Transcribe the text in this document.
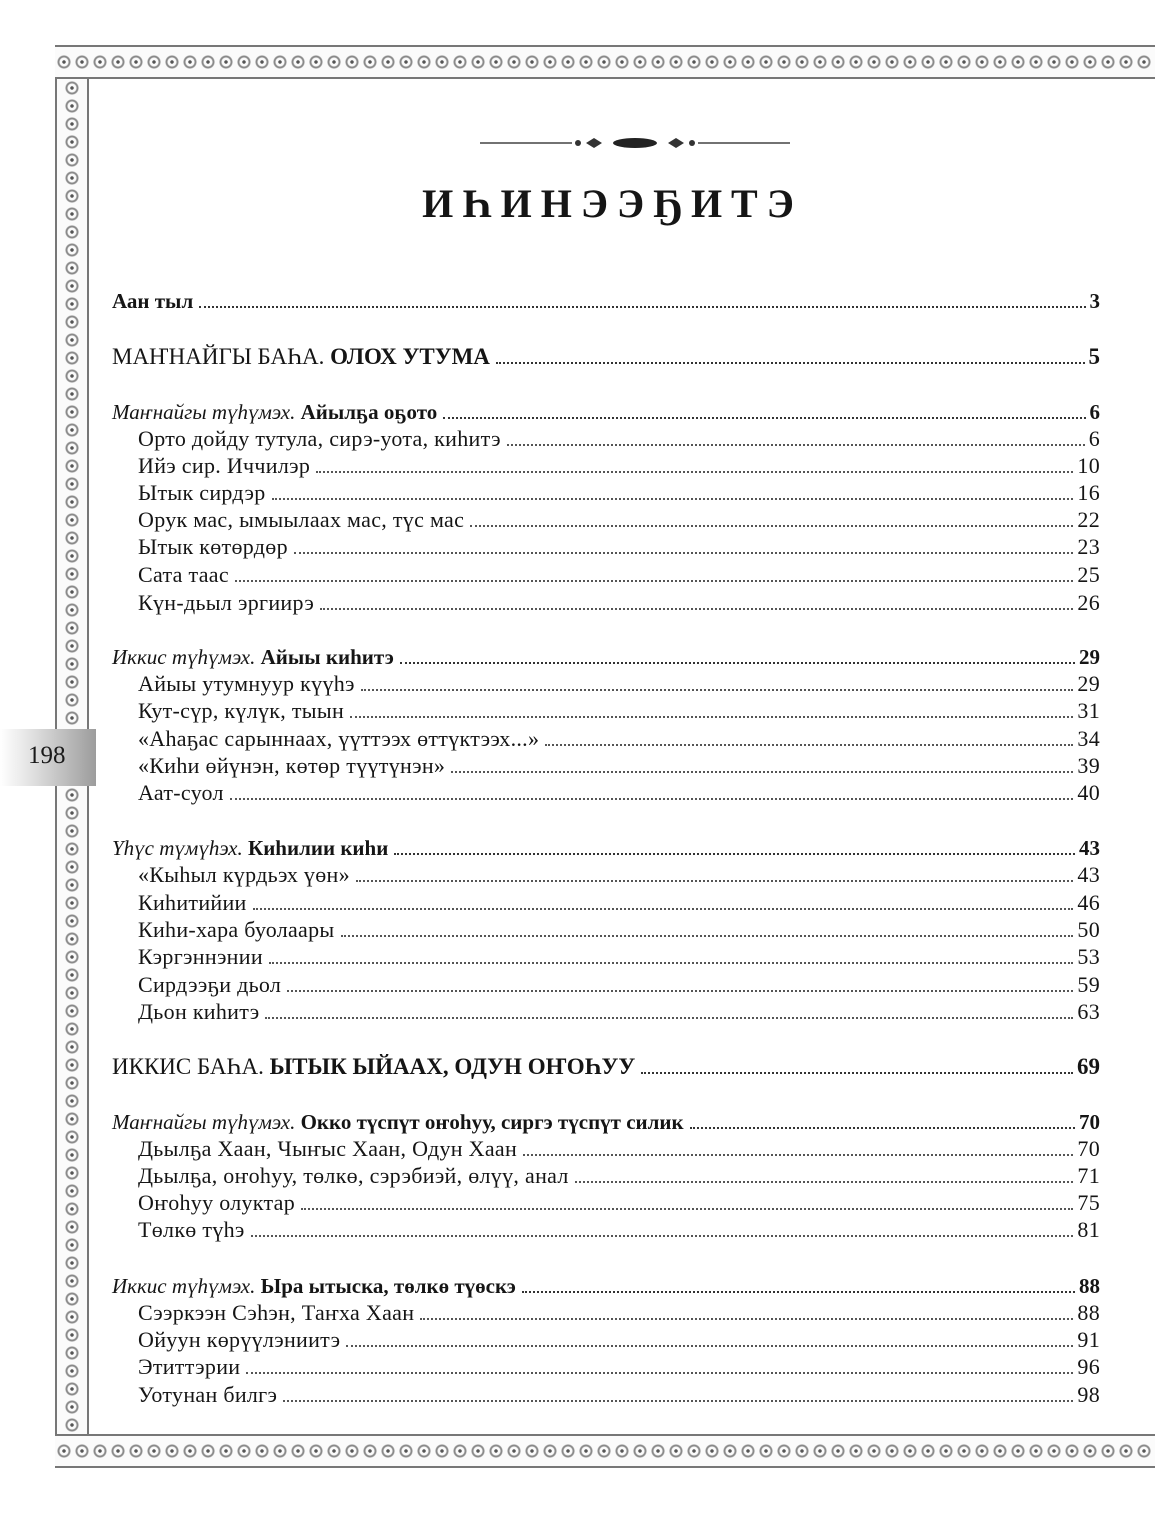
198
ИҺИНЭЭҔИТЭ
Аан тыл	3
МАҤНАЙГЫ БАҺА. ОЛОХ УТУМА	5
Маҥнайгы түһүмэх. Айылҕа оҕото	6
Орто дойду тутула, сирэ-уота, киһитэ	6
Ийэ сир. Иччилэр	10
Ытык сирдэр	16
Орук мас, ымыылаах мас, түс мас	22
Ытык көтөрдөр	23
Сата таас	25
Күн-дьыл эргиирэ	26
Иккис түһүмэх. Айыы киһитэ	29
Айыы утумнуур күүһэ	29
Кут-сүр, күлүк, тыын	31
«Аһаҕас сарыннаах, үүттээх өттүктээх...»	34
«Киһи өйүнэн, көтөр түүтүнэн»	39
Аат-суол	40
Үһүс түмүһэх. Киһилии киһи	43
«Кыһыл күрдьэх үөн»	43
Киһитийии	46
Киһи-хара буолаары	50
Кэргэннэнии	53
Сирдээҕи дьол	59
Дьон киһитэ	63
ИККИС БАҺА. ЫТЫК ЫЙААХ, ОДУН ОҤОҺУУ	69
Маҥнайгы түһүмэх. Окко түспүт оҥоһуу, сиргэ түспүт силик	70
Дьылҕа Хаан, Чыҥыс Хаан, Одун Хаан	70
Дьылҕа, оҥоһуу, төлкө, сэрэбиэй, өлүү, анал	71
Оҥоһуу олуктар	75
Төлкө түһэ	81
Иккис түһүмэх. Ыра ытыска, төлкө түөскэ	88
Сээркээн Сэһэн, Таҥха Хаан	88
Ойуун көрүүлэниитэ	91
Этиттэрии	96
Уотунан билгэ	98
